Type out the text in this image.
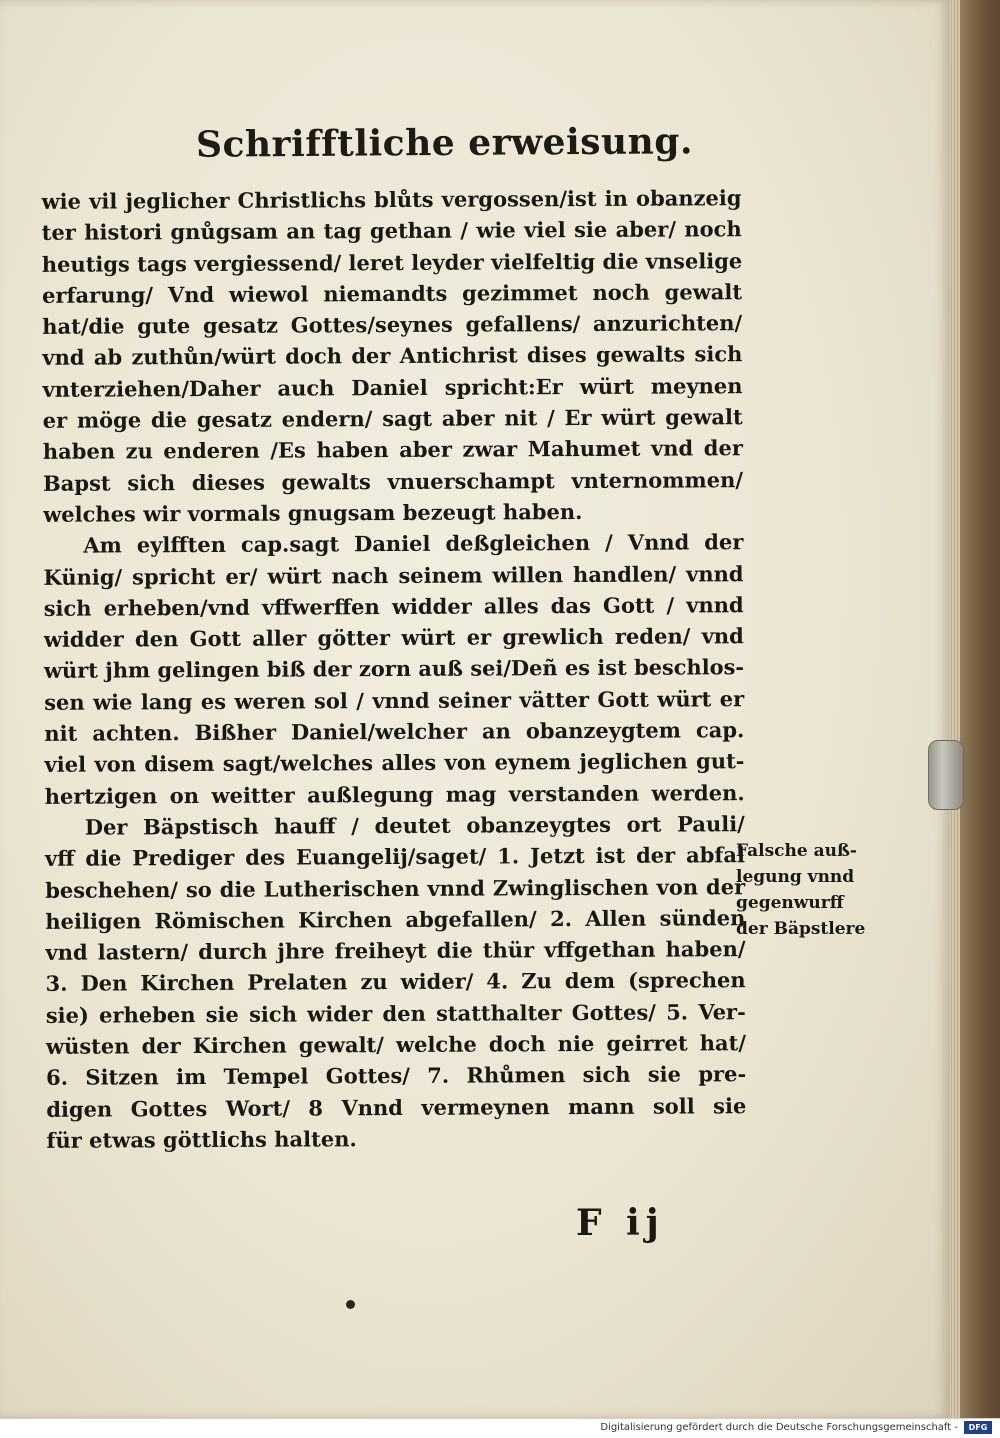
Schrifftliche erweisung.
wie vil jeglicher Christlichs blůts vergossen/ist in obanzeig
ter histori gnůgsam an tag gethan / wie viel sie aber/ noch
heutigs tags vergiessend/ leret leyder vielfeltig die vnselige
erfarung/ Vnd wiewol niemandts gezimmet noch gewalt
hat/die gute gesatz Gottes/seynes gefallens/ anzurichten/
vnd ab zuthůn/würt doch der Antichrist dises gewalts sich
vnterziehen/Daher auch Daniel spricht:Er würt meynen
er möge die gesatz endern/ sagt aber nit / Er würt gewalt
haben zu enderen /Es haben aber zwar Mahumet vnd der
Bapst sich dieses gewalts vnuerschampt vnternommen/
welches wir vormals gnugsam bezeugt haben.
Am eylfften cap.sagt Daniel deßgleichen / Vnnd der
Künig/ spricht er/ würt nach seinem willen handlen/ vnnd
sich erheben/vnd vffwerffen widder alles das Gott / vnnd
widder den Gott aller götter würt er grewlich reden/ vnd
würt jhm gelingen biß der zorn auß sei/Deñ es ist beschlos-
sen wie lang es weren sol / vnnd seiner vätter Gott würt er
nit achten. Bißher Daniel/welcher an obanzeygtem cap.
viel von disem sagt/welches alles von eynem jeglichen gut-
hertzigen on weitter außlegung mag verstanden werden.
Der Bäpstisch hauff / deutet obanzeygtes ort Pauli/
vff die Prediger des Euangelij/saget/ 1. Jetzt ist der abfal
beschehen/ so die Lutherischen vnnd Zwinglischen von der
heiligen Römischen Kirchen abgefallen/ 2. Allen sünden
vnd lastern/ durch jhre freiheyt die thür vffgethan haben/
3. Den Kirchen Prelaten zu wider/ 4. Zu dem (sprechen
sie) erheben sie sich wider den statthalter Gottes/ 5. Ver-
wüsten der Kirchen gewalt/ welche doch nie geirret hat/
6. Sitzen im Tempel Gottes/ 7. Rhůmen sich sie pre-
digen Gottes Wort/ 8 Vnnd vermeynen mann soll sie
für etwas göttlichs halten.
Falsche auß-
legung vnnd
gegenwurff
der Bäpstlere
F ij
Digitalisierung gefördert durch die Deutsche Forschungsgemeinschaft -	DFG
